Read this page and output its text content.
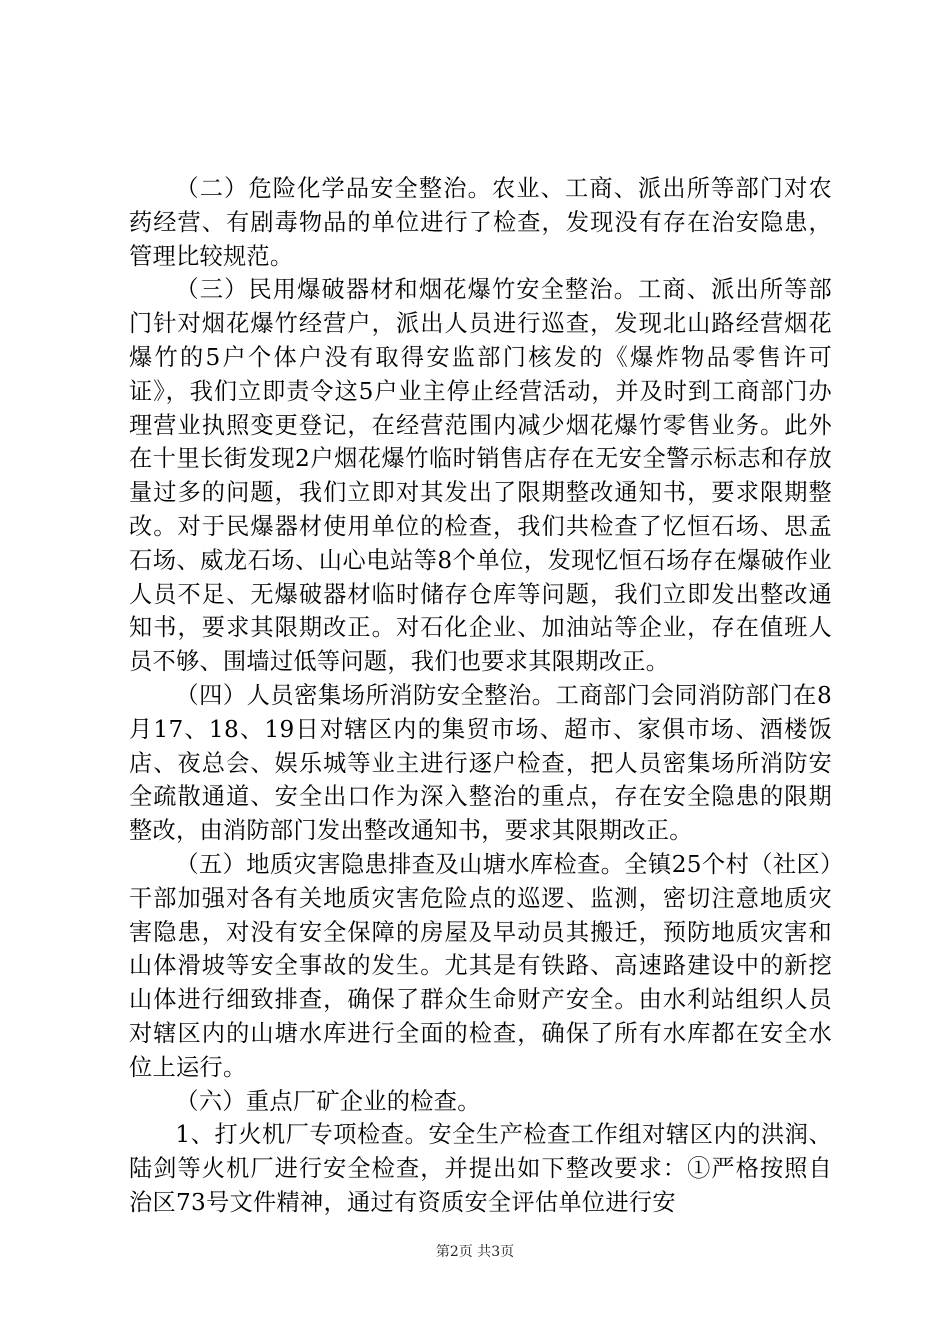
（二）危险化学品安全整治。农业、工商、派出所等部门对农药经营、有剧毒物品的单位进行了检查，发现没有存在治安隐患，管理比较规范。

（三）民用爆破器材和烟花爆竹安全整治。工商、派出所等部门针对烟花爆竹经营户，派出人员进行巡查，发现北山路经营烟花爆竹的5户个体户没有取得安监部门核发的《爆炸物品零售许可证》，我们立即责令这5户业主停止经营活动，并及时到工商部门办理营业执照变更登记，在经营范围内减少烟花爆竹零售业务。此外在十里长街发现2户烟花爆竹临时销售店存在无安全警示标志和存放量过多的问题，我们立即对其发出了限期整改通知书，要求限期整改。对于民爆器材使用单位的检查，我们共检查了忆恒石场、思孟石场、威龙石场、山心电站等8个单位，发现忆恒石场存在爆破作业人员不足、无爆破器材临时储存仓库等问题，我们立即发出整改通知书，要求其限期改正。对石化企业、加油站等企业，存在值班人员不够、围墙过低等问题，我们也要求其限期改正。

（四）人员密集场所消防安全整治。工商部门会同消防部门在8月17、18、19日对辖区内的集贸市场、超市、家俱市场、酒楼饭店、夜总会、娱乐城等业主进行逐户检查，把人员密集场所消防安全疏散通道、安全出口作为深入整治的重点，存在安全隐患的限期整改，由消防部门发出整改通知书，要求其限期改正。

（五）地质灾害隐患排查及山塘水库检查。全镇25个村（社区）干部加强对各有关地质灾害危险点的巡逻、监测，密切注意地质灾害隐患，对没有安全保障的房屋及早动员其搬迁，预防地质灾害和山体滑坡等安全事故的发生。尤其是有铁路、高速路建设中的新挖山体进行细致排查，确保了群众生命财产安全。由水利站组织人员对辖区内的山塘水库进行全面的检查，确保了所有水库都在安全水位上运行。

（六）重点厂矿企业的检查。

1、打火机厂专项检查。安全生产检查工作组对辖区内的洪润、陆剑等火机厂进行安全检查，并提出如下整改要求：①严格按照自治区73号文件精神，通过有资质安全评估单位进行安

第2页 共3页
